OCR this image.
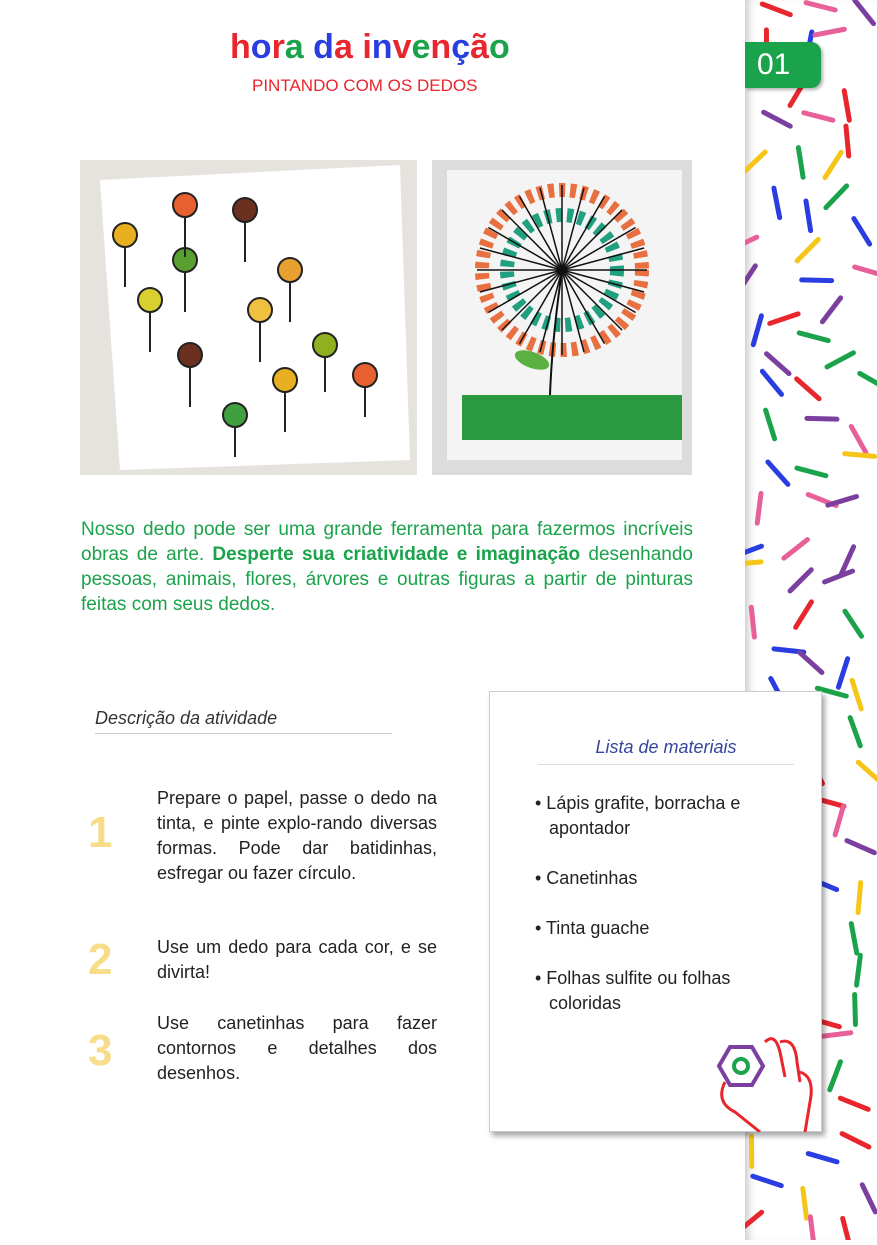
01
hora da invenção
PINTANDO COM OS DEDOS
Nosso dedo pode ser uma grande ferramenta para fazermos incríveis obras de arte. Desperte sua criatividade e imaginação desenhando pessoas, animais, flores, árvores e outras figuras a partir de pinturas feitas com seus dedos.
Descrição da atividade
1
Prepare o papel, passe o dedo na tinta, e pinte explo-rando diversas formas. Pode dar batidinhas, esfregar ou fazer círculo.
2 Use um dedo para cada cor, e se divirta!
3
Use canetinhas para fazer contornos e detalhes dos desenhos.
Lista de materiais
• Lápis grafite, borracha e apontador
• Canetinhas
• Tinta guache
• Folhas sulfite ou folhas coloridas
